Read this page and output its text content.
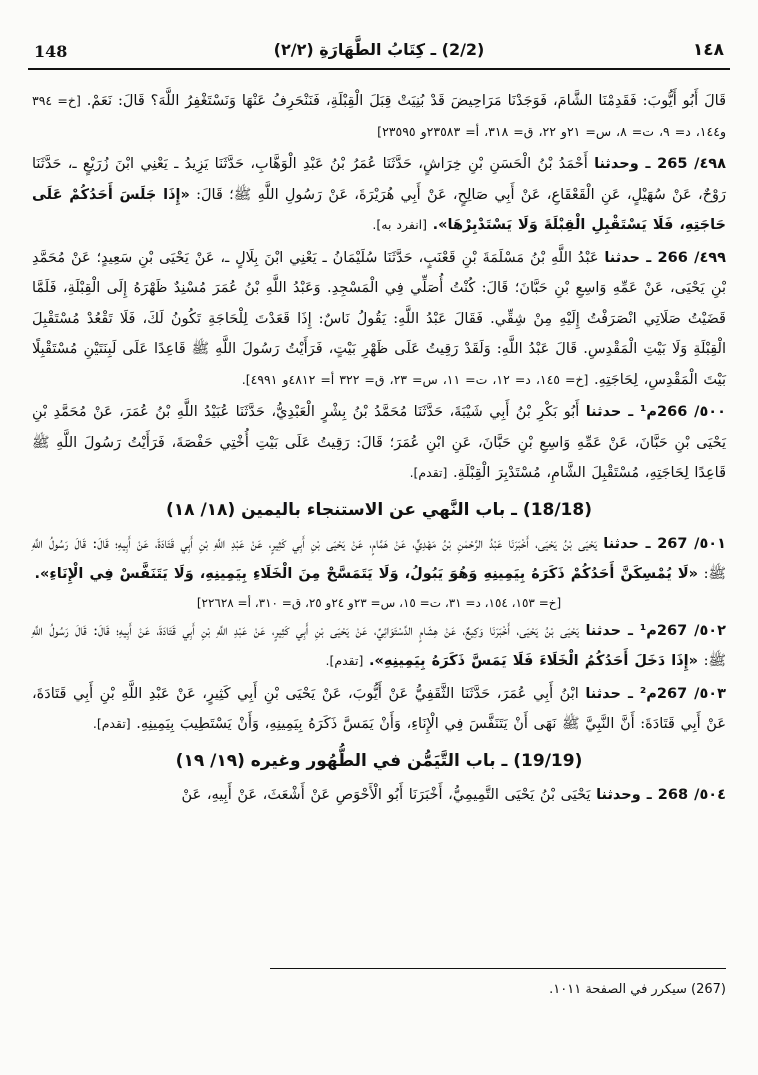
148	(2/2) ـ كِتَابُ الطَّهَارَةِ (٢/٢)	١٤٨

قَالَ أَبُو أَيُّوبَ: فَقَدِمْنَا الشَّامَ، فَوَجَدْنَا مَرَاحِيضَ قَدْ بُنِيَتْ قِبَلَ الْقِبْلَةِ، فَنَنْحَرِفُ عَنْهَا وَنَسْتَغْفِرُ اللَّهَ؟ قَالَ: نَعَمْ. [خ= ٣٩٤ و١٤٤، د= ٩، ت= ٨، س= ٢١و ٢٢، ق= ٣١٨، أ= ٢٣٥٨٣و ٢٣٥٩٥]

٤٩٨/ 265 ـ وحدثنا أَحْمَدُ بْنُ الْحَسَنِ بْنِ خِرَاشٍ، حَدَّثَنَا عُمَرُ بْنُ عَبْدِ الْوَهَّابِ، حَدَّثَنَا يَزِيدُ ـ يَعْنِي ابْنَ زُرَيْعٍ ـ، حَدَّثَنَا رَوْحٌ، عَنْ سُهَيْلٍ، عَنِ الْقَعْقَاعِ، عَنْ أَبِي صَالِحٍ، عَنْ أَبِي هُرَيْرَةَ، عَنْ رَسُولِ اللَّهِ ﷺ؛ قَالَ: «إِذَا جَلَسَ أَحَدُكُمْ عَلَى حَاجَتِهِ، فَلَا يَسْتَقْبِلِ الْقِبْلَةَ وَلَا يَسْتَدْبِرْهَا». [انفرد به].

٤٩٩/ 266 ـ حدثنا عَبْدُ اللَّهِ بْنُ مَسْلَمَةَ بْنِ قَعْنَبٍ، حَدَّثَنَا سُلَيْمَانُ ـ يَعْنِي ابْنَ بِلَالٍ ـ، عَنْ يَحْيَى بْنِ سَعِيدٍ؛ عَنْ مُحَمَّدِ بْنِ يَحْيَى، عَنْ عَمِّهِ وَاسِعِ بْنِ حَبَّانَ؛ قَالَ: كُنْتُ أُصَلِّي فِي الْمَسْجِدِ. وَعَبْدُ اللَّهِ بْنُ عُمَرَ مُسْنِدٌ ظَهْرَهُ إِلَى الْقِبْلَةِ، فَلَمَّا قَضَيْتُ صَلَاتِي انْصَرَفْتُ إِلَيْهِ مِنْ شِقِّي. فَقَالَ عَبْدُ اللَّهِ: يَقُولُ نَاسٌ: إِذَا قَعَدْتَ لِلْحَاجَةِ تَكُونُ لَكَ، فَلَا تَقْعُدْ مُسْتَقْبِلَ الْقِبْلَةِ وَلَا بَيْتِ الْمَقْدِسِ. قَالَ عَبْدُ اللَّهِ: وَلَقَدْ رَقِيتُ عَلَى ظَهْرِ بَيْتٍ، فَرَأَيْتُ رَسُولَ اللَّهِ ﷺ قَاعِدًا عَلَى لَبِنَتَيْنِ مُسْتَقْبِلًا بَيْتَ الْمَقْدِسِ، لِحَاجَتِهِ. [خ= ١٤٥، د= ١٢، ت= ١١، س= ٢٣، ق= ٣٢٢ أ= ٤٨١٢و ٤٩٩١].

٥٠٠/ 266م¹ ـ حدثنا أَبُو بَكْرِ بْنُ أَبِي شَيْبَةَ، حَدَّثَنَا مُحَمَّدُ بْنُ بِشْرٍ الْعَبْدِيُّ، حَدَّثَنَا عُبَيْدُ اللَّهِ بْنُ عُمَرَ، عَنْ مُحَمَّدِ بْنِ يَحْيَى بْنِ حَبَّانَ، عَنْ عَمِّهِ وَاسِعِ بْنِ حَبَّانَ، عَنِ ابْنِ عُمَرَ؛ قَالَ: رَقِيتُ عَلَى بَيْتِ أُخْتِي حَفْصَةَ، فَرَأَيْتُ رَسُولَ اللَّهِ ﷺ قَاعِدًا لِحَاجَتِهِ، مُسْتَقْبِلَ الشَّامِ، مُسْتَدْبِرَ الْقِبْلَةِ. [تقدم].

(18/18) ـ باب النَّهي عن الاستنجاء باليمين (١٨/ ١٨)

٥٠١/ 267 ـ حدثنا يَحْيَى بْنُ يَحْيَى، أَخْبَرَنَا عَبْدُ الرَّحْمٰنِ بْنُ مَهْدِيٍّ، عَنْ هَمَّامٍ، عَنْ يَحْيَى بْنِ أَبِي كَثِيرٍ، عَنْ عَبْدِ اللَّهِ بْنِ أَبِي قَتَادَةَ، عَنْ أَبِيهِ؛ قَالَ: قَالَ رَسُولُ اللَّهِ ﷺ: «لَا يُمْسِكَنَّ أَحَدُكُمْ ذَكَرَهُ بِيَمِينِهِ وَهُوَ يَبُولُ، وَلَا يَتَمَسَّحْ مِنَ الْخَلَاءِ بِيَمِينِهِ، وَلَا يَتَنَفَّسْ فِي الْإِنَاءِ».

[خ= ١٥٣، ١٥٤، د= ٣١، ت= ١٥، س= ٢٣و ٢٤و ٢٥، ق= ٣١٠، أ= ٢٢٦٢٨]

٥٠٢/ 267م¹ ـ حدثنا يَحْيَى بْنُ يَحْيَى، أَخْبَرَنَا وَكِيعٌ، عَنْ هِشَامٍ الدَّسْتَوَائِيِّ، عَنْ يَحْيَى بْنِ أَبِي كَثِيرٍ، عَنْ عَبْدِ اللَّهِ بْنِ أَبِي قَتَادَةَ، عَنْ أَبِيهِ؛ قَالَ: قَالَ رَسُولُ اللَّهِ ﷺ: «إِذَا دَخَلَ أَحَدُكُمُ الْخَلَاءَ فَلَا يَمَسَّ ذَكَرَهُ بِيَمِينِهِ». [تقدم].

٥٠٣/ 267م² ـ حدثنا ابْنُ أَبِي عُمَرَ، حَدَّثَنَا الثَّقَفِيُّ عَنْ أَيُّوبَ، عَنْ يَحْيَى بْنِ أَبِي كَثِيرٍ، عَنْ عَبْدِ اللَّهِ بْنِ أَبِي قَتَادَةَ، عَنْ أَبِي قَتَادَةَ: أَنَّ النَّبِيَّ ﷺ نَهَى أَنْ يَتَنَفَّسَ فِي الْإِنَاءِ، وَأَنْ يَمَسَّ ذَكَرَهُ بِيَمِينِهِ، وَأَنْ يَسْتَطِيبَ بِيَمِينِهِ. [تقدم].

(19/19) ـ باب التَّيَمُّن في الطُّهُور وغيره (١٩/ ١٩)

٥٠٤/ 268 ـ وحدثنا يَحْيَى بْنُ يَحْيَى التَّمِيمِيُّ، أَخْبَرَنَا أَبُو الْأَحْوَصِ عَنْ أَشْعَثَ، عَنْ أَبِيهِ، عَنْ

(267) سيكرر في الصفحة ١٠١١.
